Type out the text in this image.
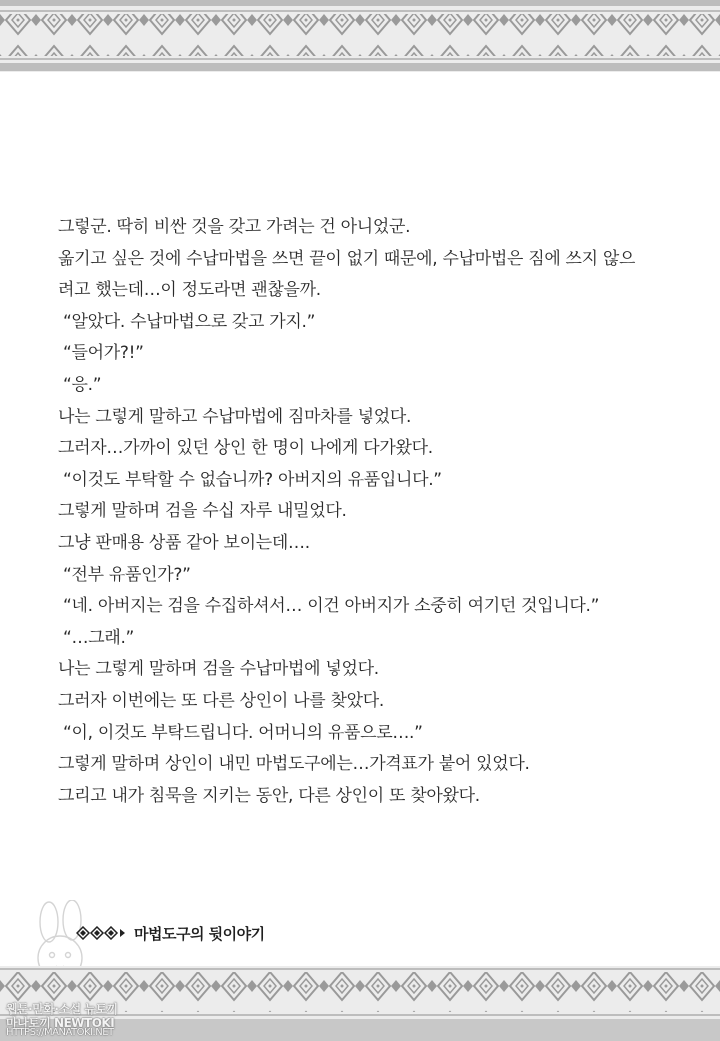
그렇군. 딱히 비싼 것을 갖고 가려는 건 아니었군.
옮기고 싶은 것에 수납마법을 쓰면 끝이 없기 때문에, 수납마법은 짐에 쓰지 않으
려고 했는데…이 정도라면 괜찮을까.
“알았다. 수납마법으로 갖고 가지.”
“들어가?!”
“응.”
나는 그렇게 말하고 수납마법에 짐마차를 넣었다.
그러자…가까이 있던 상인 한 명이 나에게 다가왔다.
“이것도 부탁할 수 없습니까? 아버지의 유품입니다.”
그렇게 말하며 검을 수십 자루 내밀었다.
그냥 판매용 상품 같아 보이는데….
“전부 유품인가?”
“네. 아버지는 검을 수집하셔서… 이건 아버지가 소중히 여기던 것입니다.”
“…그래.”
나는 그렇게 말하며 검을 수납마법에 넣었다.
그러자 이번에는 또 다른 상인이 나를 찾았다.
“이, 이것도 부탁드립니다. 어머니의 유품으로….”
그렇게 말하며 상인이 내민 마법도구에는…가격표가 붙어 있었다.
그리고 내가 침묵을 지키는 동안, 다른 상인이 또 찾아왔다.
마법도구의 뒷이야기
웹툰·만화·소설 뉴토끼
마나토끼 NEWTOKI
HTTPS://MANATOKI.NET
